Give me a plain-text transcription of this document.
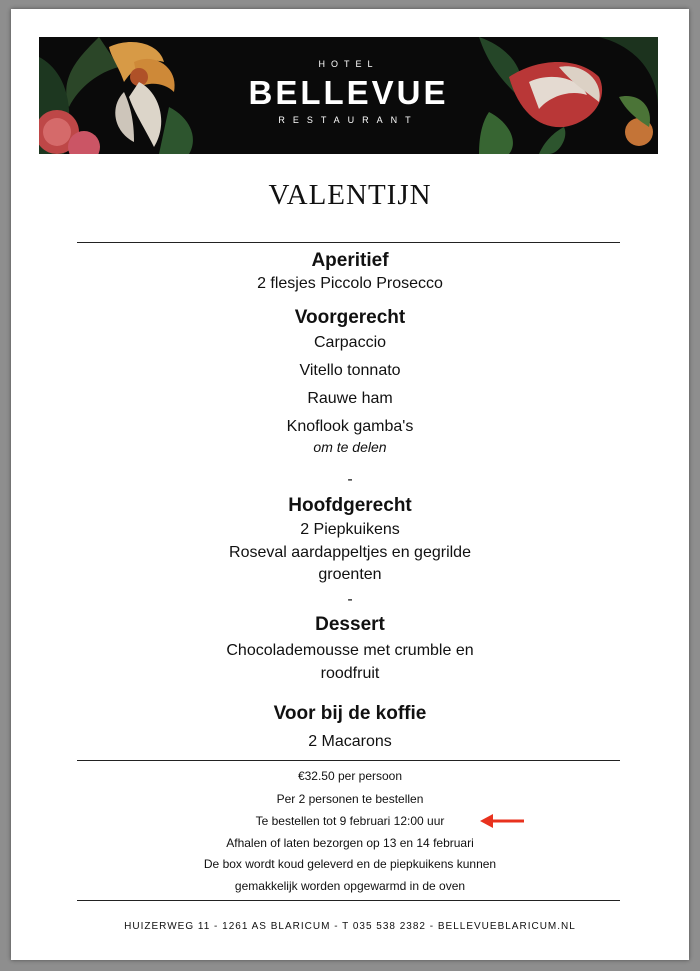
HOTEL
BELLEVUE
RESTAURANT
VALENTIJN
Aperitief
2 flesjes Piccolo Prosecco
Voorgerecht
Carpaccio
Vitello tonnato
Rauwe ham
Knoflook gamba's
om te delen
-
Hoofdgerecht
2 Piepkuikens
Roseval aardappeltjes en gegrilde
groenten
-
Dessert
Chocolademousse met crumble en
roodfruit
Voor bij de koffie
2 Macarons
€32.50 per persoon
Per 2 personen te bestellen
Te bestellen tot 9 februari 12:00 uur
Afhalen of laten bezorgen op 13 en 14 februari
De box wordt koud geleverd en de piepkuikens kunnen
gemakkelijk worden opgewarmd in de oven
HUIZERWEG 11 - 1261 AS BLARICUM - T 035 538 2382 - BELLEVUEBLARICUM.NL
